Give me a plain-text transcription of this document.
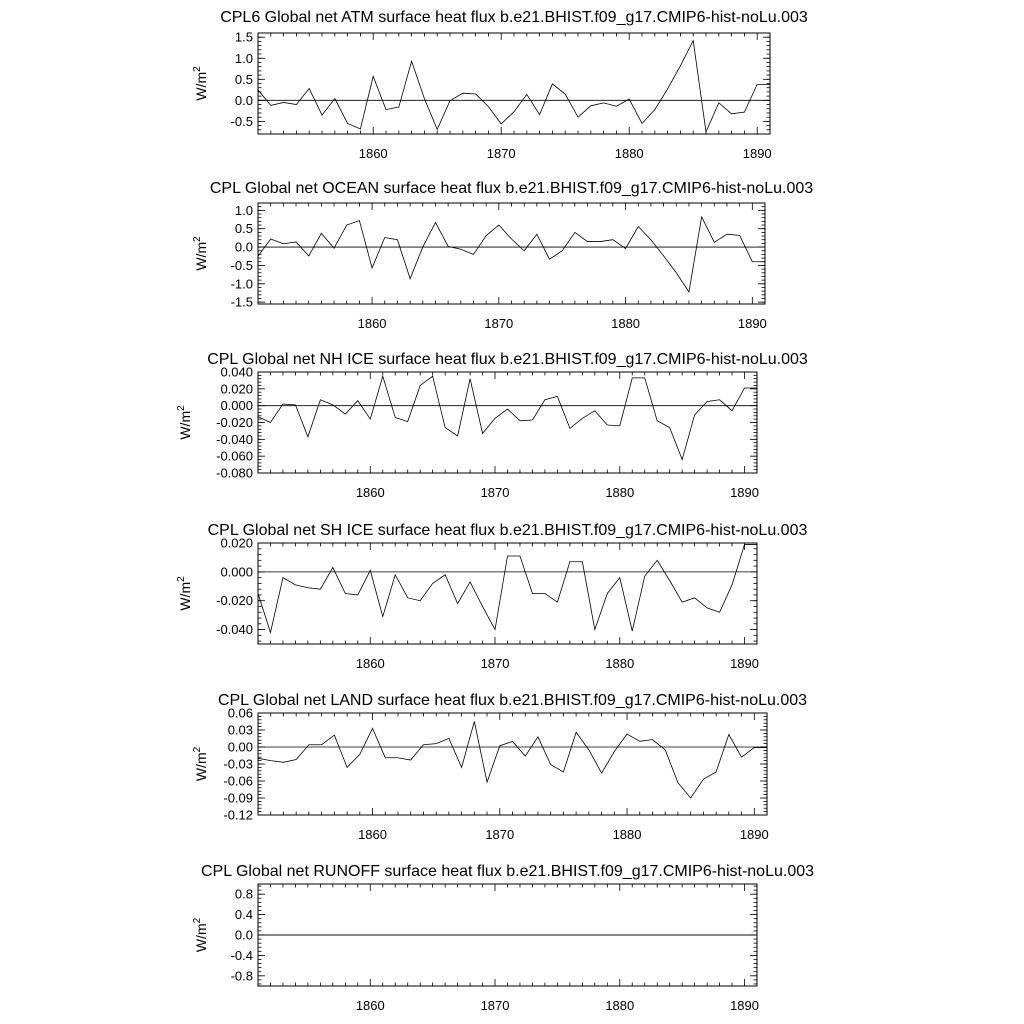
CPL6 Global net ATM surface heat flux b.e21.BHIST.f09_g17.CMIP6-hist-noLu.003
1860	1870	1880	1890
1.5
1.0
0.5
0.0
-0.5
$W/m^2$
CPL Global net OCEAN surface heat flux b.e21.BHIST.f09_g17.CMIP6-hist-noLu.003
1860	1870	1880	1890
1.0
0.5
0.0
-0.5
-1.0
-1.5
$W/m^2$
CPL Global net NH ICE surface heat flux b.e21.BHIST.f09_g17.CMIP6-hist-noLu.003
1860	1870	1880	1890
0.040
0.020
0.000
-0.020
-0.040
-0.060
-0.080
$W/m^2$
CPL Global net SH ICE surface heat flux b.e21.BHIST.f09_g17.CMIP6-hist-noLu.003
1860	1870	1880	1890
0.020
0.000
-0.020
-0.040
$W/m^2$
CPL Global net LAND surface heat flux b.e21.BHIST.f09_g17.CMIP6-hist-noLu.003
1860	1870	1880	1890
0.06
0.03
0.00
-0.03
-0.06
-0.09
-0.12
$W/m^2$
CPL Global net RUNOFF surface heat flux b.e21.BHIST.f09_g17.CMIP6-hist-noLu.003
1860	1870	1880	1890
0.8
0.4
0.0
-0.4
-0.8
$W/m^2$
